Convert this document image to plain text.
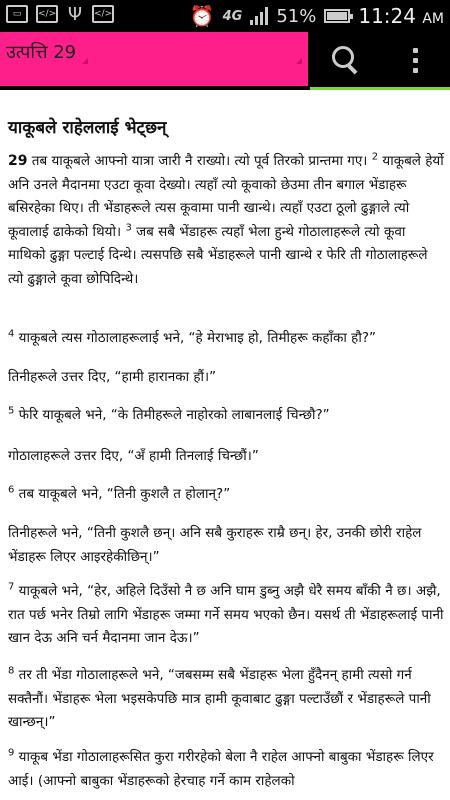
▭	</> Ψ </>	⏰ 4G 51% 11:24 AM
उत्पत्ति 29
याकूबले राहेललाई भेट्छन्

29 तब याकूबले आफ्नो यात्रा जारी नै राख्यो। त्यो पूर्व तिरको प्रान्तमा गए। $^2$ याकूबले हेर्यो अनि उनले मैदानमा एउटा कूवा देख्यो। त्यहाँ त्यो कूवाको छेउमा तीन बगाल भेंडाहरू बसिरहेका थिए। ती भेंडाहरूले त्यस कूवामा पानी खान्थे। त्यहाँ एउटा ठूलो ढुङ्गाले त्यो कूवालाई ढाकेको थियो। $^3$ जब सबै भेंडाहरू त्यहाँ भेला हुन्थे गोठालाहरूले त्यो कूवा माथिको ढुङ्गा पल्टाई दिन्थे। त्यसपछि सबै भेंडाहरूले पानी खान्थे र फेरि ती गोठालाहरूले त्यो ढुङ्गाले कूवा छोपिदिन्थे।

$^4$ याकूबले त्यस गोठालाहरूलाई भने, “हे मेराभाइ हो, तिमीहरू कहाँका हौ?”

तिनीहरूले उत्तर दिए, “हामी हारानका हौं।”

$^5$ फेरि याकूबले भने, “के तिमीहरूले नाहोरको लाबानलाई चिन्छौ?”

गोठालाहरूले उत्तर दिए, “अँ हामी तिनलाई चिन्छौं।”

$^6$ तब याकूबले भने, “तिनी कुशलै त होलान्?”

तिनीहरूले भने, “तिनी कुशलै छन्। अनि सबै कुराहरू राम्रै छन्। हेर, उनकी छोरी राहेल भेंडाहरू लिएर आइरहेकीछिन्।”

$^7$ याकूबले भने, “हेर, अहिले दिउँसो नै छ अनि घाम डुब्नु अझै धेरै समय बाँकी नै छ। अझै, रात पर्छ भनेर तिम्रो लागि भेंडाहरू जम्मा गर्ने समय भएको छैन। यसर्थ ती भेंडाहरूलाई पानी खान देऊ अनि चर्न मैदानमा जान देऊ।”

$^8$ तर ती भेंडा गोठालाहरूले भने, “जबसम्म सबै भेंडाहरू भेला हुँदैनन् हामी त्यसो गर्न सक्तैनौं। भेंडाहरू भेला भइसकेपछि मात्र हामी कूवाबाट ढुङ्गा पल्टाउँछौं र भेंडाहरूले पानी खान्छन्।”

$^9$ याकूब भेंडा गोठालाहरूसित कुरा गरीरहेको बेला नै राहेल आफ्नो बाबुका भेंडाहरू लिएर आई। (आफ्नो बाबुका भेंडाहरूको हेरचाह गर्ने काम राहेलको
